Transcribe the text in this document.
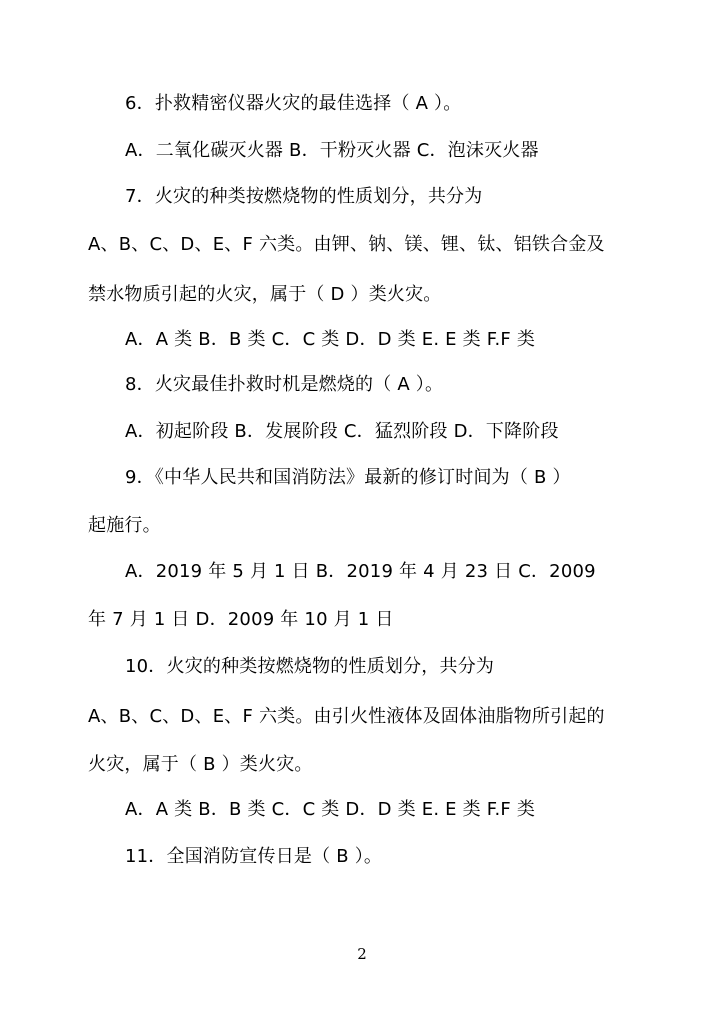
6．扑救精密仪器火灾的最佳选择（ A ）。
A．二氧化碳灭火器 B．干粉灭火器 C．泡沫灭火器
7．火灾的种类按燃烧物的性质划分，共分为
A、B、C、D、E、F 六类。由钾、钠、镁、锂、钛、铝铁合金及
禁水物质引起的火灾，属于（ D ）类火灾。
A．A 类 B．B 类 C．C 类 D．D 类 E. E 类 F.F 类
8．火灾最佳扑救时机是燃烧的（ A ）。
A．初起阶段 B．发展阶段 C．猛烈阶段 D．下降阶段
9．《中华人民共和国消防法》最新的修订时间为（ B ）
起施行。
A．2019 年 5 月 1 日 B．2019 年 4 月 23 日 C．2009
年 7 月 1 日 D．2009 年 10 月 1 日
10．火灾的种类按燃烧物的性质划分，共分为
A、B、C、D、E、F 六类。由引火性液体及固体油脂物所引起的
火灾，属于（ B ）类火灾。
A．A 类 B．B 类 C．C 类 D．D 类 E. E 类 F.F 类
11．全国消防宣传日是（ B ）。
2
